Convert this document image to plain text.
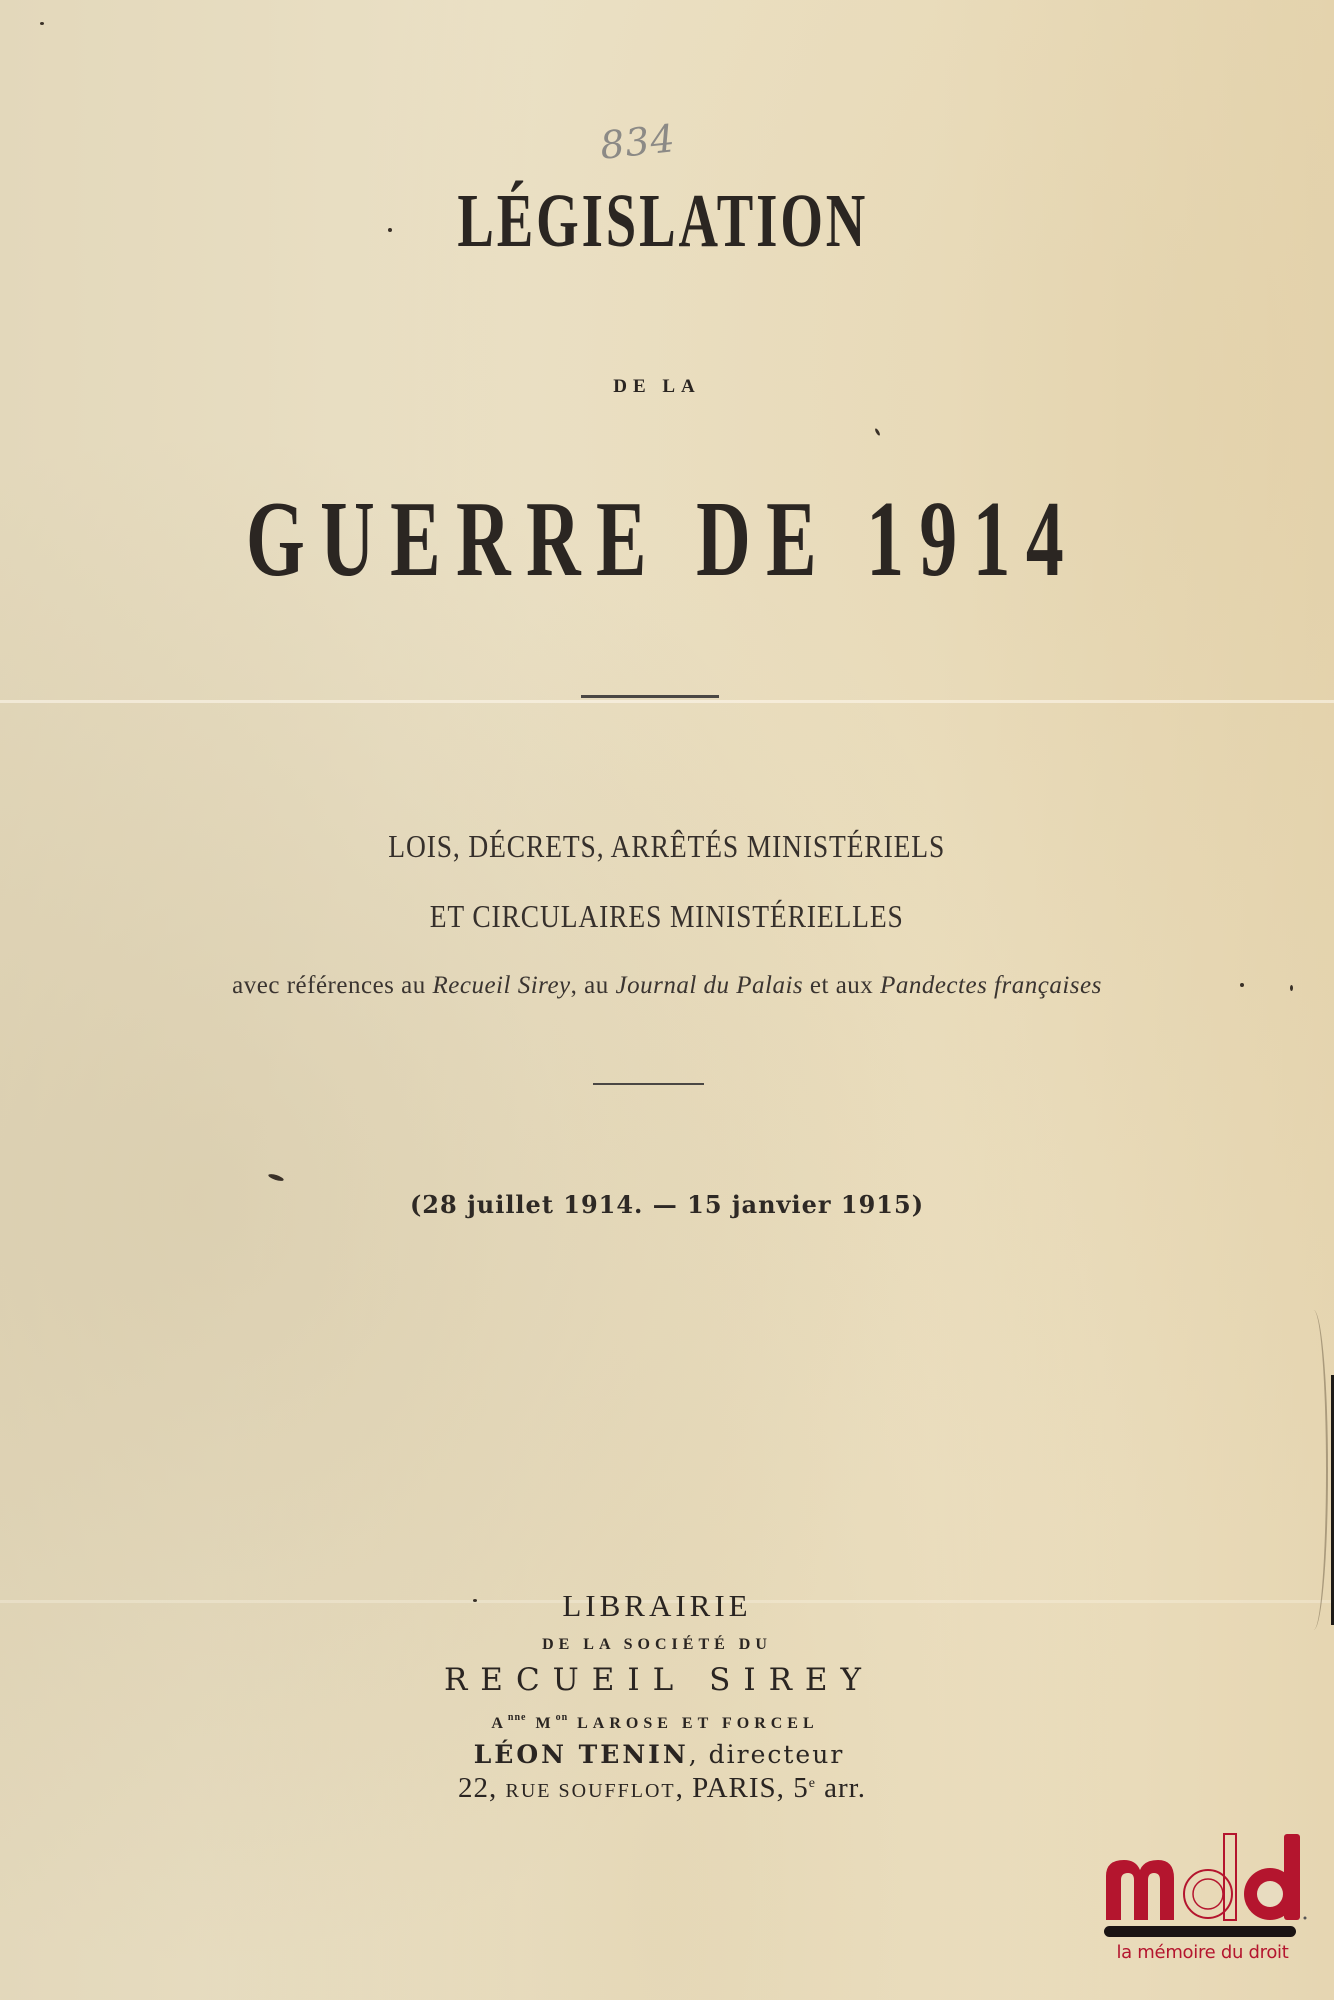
834
LÉGISLATION
DE LA
GUERRE DE 1914
LOIS, DÉCRETS, ARRÊTÉS MINISTÉRIELS
ET CIRCULAIRES MINISTÉRIELLES
avec références au Recueil Sirey, au Journal du Palais et aux Pandectes françaises
(28 juillet 1914. — 15 janvier 1915)
LIBRAIRIE
DE LA SOCIÉTÉ DU
RECUEIL SIREY
$A^{nne}$ $M^{on}$ LAROSE ET FORCEL
LÉON TENIN, directeur
22, RUE SOUFFLOT, PARIS, 5e arr.
la mémoire du droit
